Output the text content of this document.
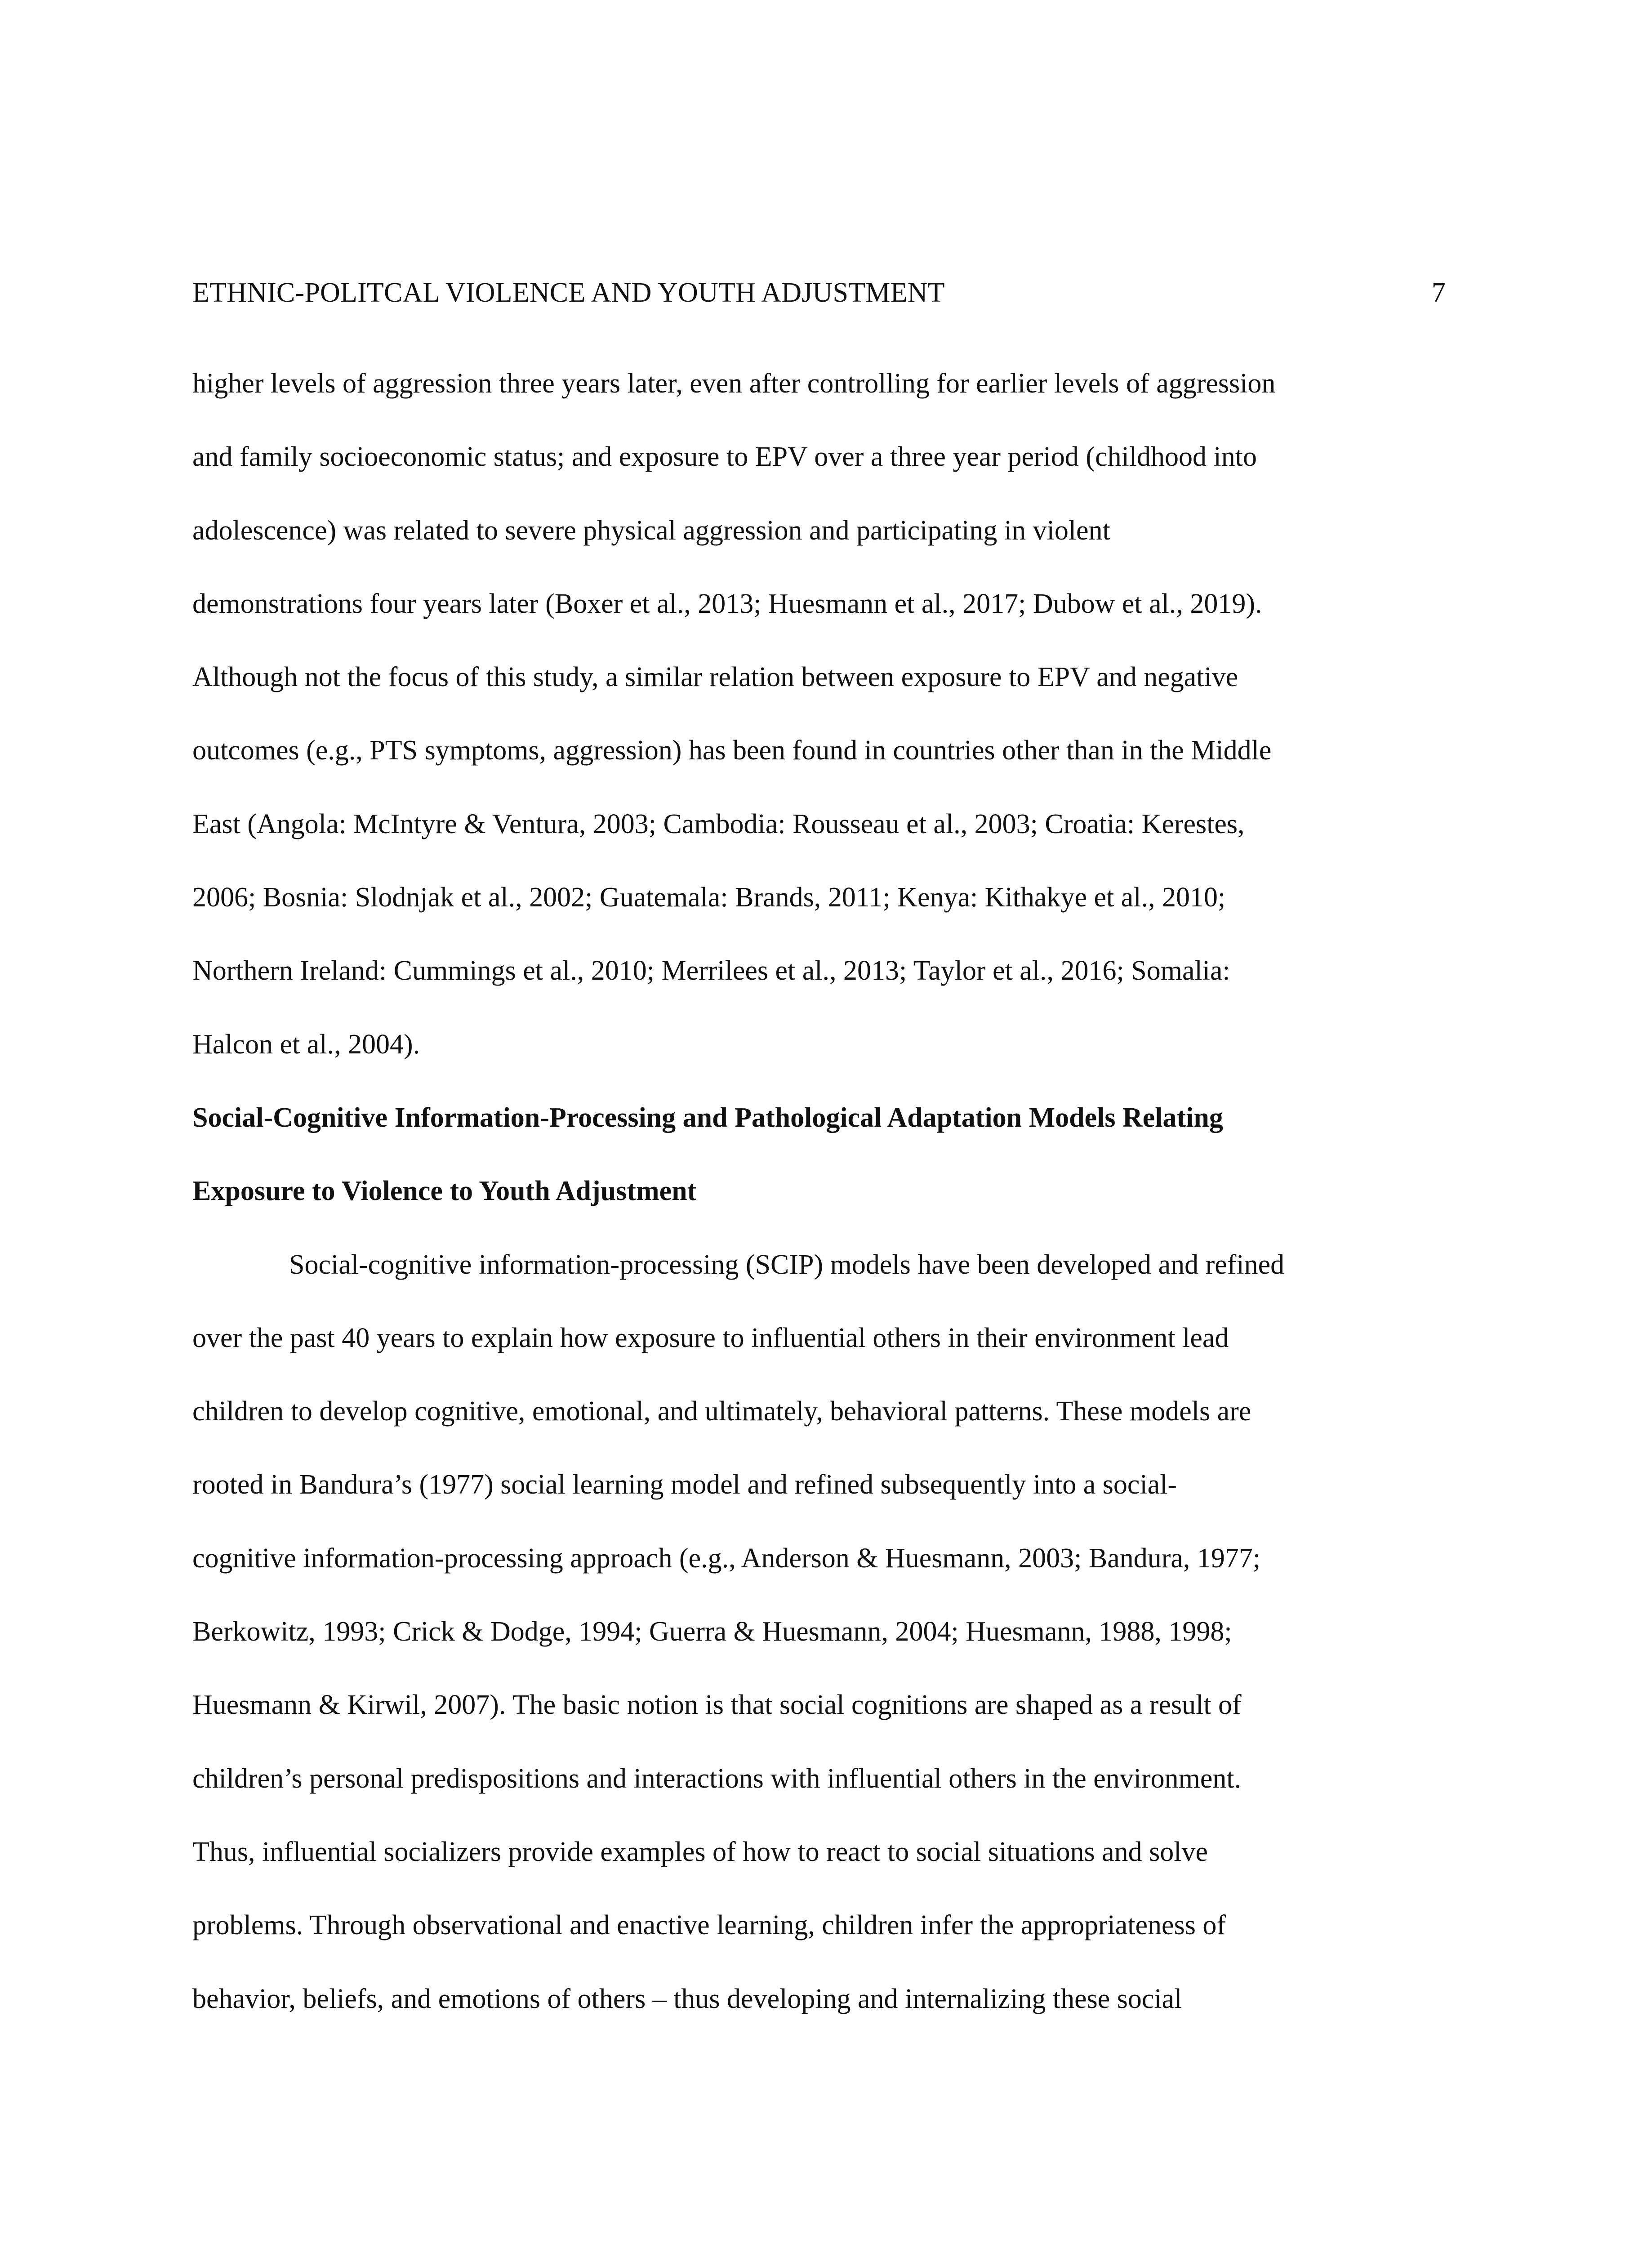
ETHNIC-POLITCAL VIOLENCE AND YOUTH ADJUSTMENT	7
higher levels of aggression three years later, even after controlling for earlier levels of aggression
and family socioeconomic status; and exposure to EPV over a three year period (childhood into
adolescence) was related to severe physical aggression and participating in violent
demonstrations four years later (Boxer et al., 2013; Huesmann et al., 2017; Dubow et al., 2019).
Although not the focus of this study, a similar relation between exposure to EPV and negative
outcomes (e.g., PTS symptoms, aggression) has been found in countries other than in the Middle
East (Angola: McIntyre & Ventura, 2003; Cambodia: Rousseau et al., 2003; Croatia: Kerestes,
2006; Bosnia: Slodnjak et al., 2002; Guatemala: Brands, 2011; Kenya: Kithakye et al., 2010;
Northern Ireland: Cummings et al., 2010; Merrilees et al., 2013; Taylor et al., 2016; Somalia:
Halcon et al., 2004).
Social-Cognitive Information-Processing and Pathological Adaptation Models Relating
Exposure to Violence to Youth Adjustment
Social-cognitive information-processing (SCIP) models have been developed and refined
over the past 40 years to explain how exposure to influential others in their environment lead
children to develop cognitive, emotional, and ultimately, behavioral patterns. These models are
rooted in Bandura’s (1977) social learning model and refined subsequently into a social-
cognitive information-processing approach (e.g., Anderson & Huesmann, 2003; Bandura, 1977;
Berkowitz, 1993; Crick & Dodge, 1994; Guerra & Huesmann, 2004; Huesmann, 1988, 1998;
Huesmann & Kirwil, 2007). The basic notion is that social cognitions are shaped as a result of
children’s personal predispositions and interactions with influential others in the environment.
Thus, influential socializers provide examples of how to react to social situations and solve
problems. Through observational and enactive learning, children infer the appropriateness of
behavior, beliefs, and emotions of others – thus developing and internalizing these social
